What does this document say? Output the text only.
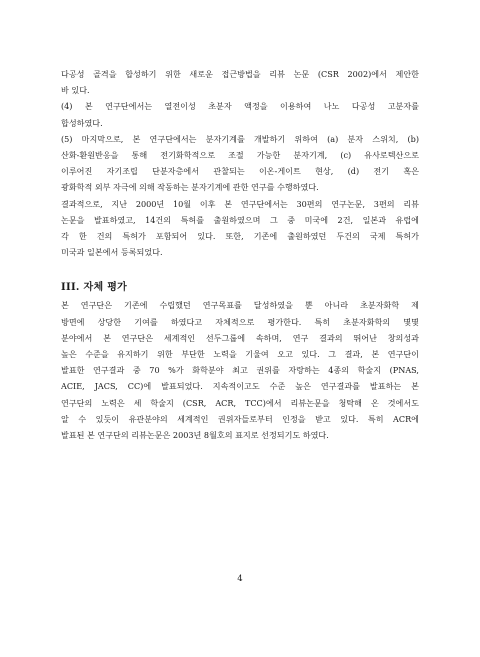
다공성 골격을 합성하기 위한 새로운 접근방법을 리뷰 논문 (CSR 2002)에서 제안한
바 있다.
(4) 본 연구단에서는 열전이성 초분자 액정을 이용하여 나노 다공성 고분자를
합성하였다.
(5) 마지막으로, 본 연구단에서는 분자기계를 개발하기 위하여 (a) 분자 스위치, (b)
산화-환원반응을 통해 전기화학적으로 조절 가능한 분자기계, (c) 유사로텍산으로
이루어진 자기조립 단분자층에서 관찰되는 이온-게이트 현상, (d) 전기 혹은
광화학적 외부 자극에 의해 작동하는 분자기계에 관한 연구를 수행하였다.
결과적으로, 지난 2000년 10월 이후 본 연구단에서는 30편의 연구논문, 3편의 리뷰
논문을 발표하였고, 14건의 특허를 출원하였으며 그 중 미국에 2건, 일본과 유럽에
각 한 건의 특허가 포함되어 있다. 또한, 기존에 출원하였던 두건의 국제 특허가
미국과 일본에서 등록되었다.

III. 자체 평가

본 연구단은 기존에 수립했던 연구목표를 달성하였을 뿐 아니라 초분자화학 제
방면에 상당한 기여를 하였다고 자체적으로 평가한다. 특히 초분자화학의 몇몇
분야에서 본 연구단은 세계적인 선두그룹에 속하며, 연구 결과의 뛰어난 창의성과
높은 수준을 유지하기 위한 부단한 노력을 기울여 오고 있다. 그 결과, 본 연구단이
발표한 연구결과 중 70 %가 화학분야 최고 권위를 자랑하는 4종의 학술지 (PNAS,
ACIE, JACS, CC)에 발표되었다. 지속적이고도 수준 높은 연구결과를 발표하는 본
연구단의 노력은 세 학술지 (CSR, ACR, TCC)에서 리뷰논문을 청탁해 온 것에서도
알 수 있듯이 유관분야의 세계적인 권위자들로부터 인정을 받고 있다. 특히 ACR에
발표된 본 연구단의 리뷰논문은 2003년 8월호의 표지로 선정되기도 하였다.

4
